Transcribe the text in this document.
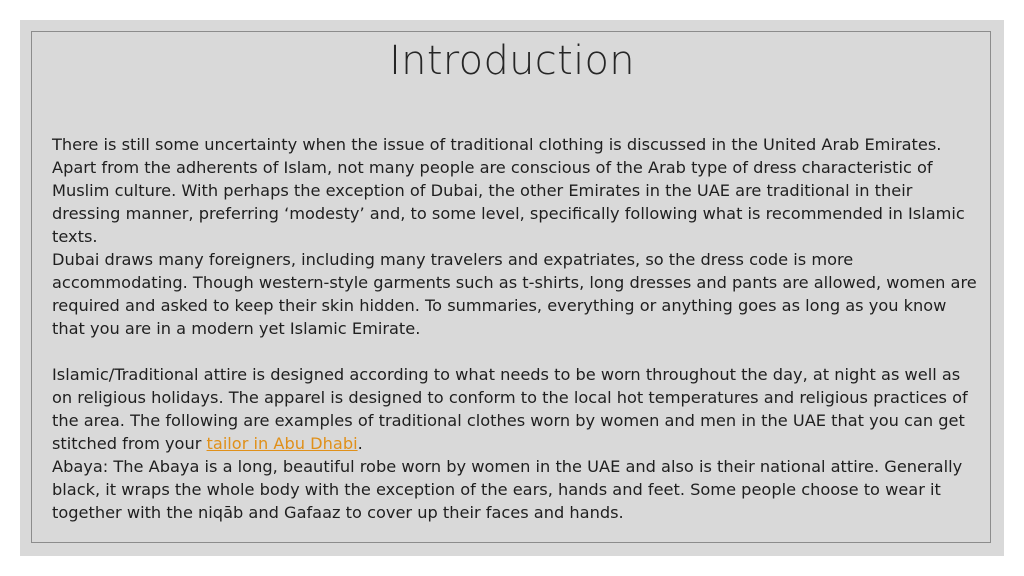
Introduction

There is still some uncertainty when the issue of traditional clothing is discussed in the United Arab Emirates. Apart from the adherents of Islam, not many people are conscious of the Arab type of dress characteristic of Muslim culture. With perhaps the exception of Dubai, the other Emirates in the UAE are traditional in their dressing manner, preferring ‘modesty’ and, to some level, specifically following what is recommended in Islamic texts.

Dubai draws many foreigners, including many travelers and expatriates, so the dress code is more accommodating. Though western-style garments such as t-shirts, long dresses and pants are allowed, women are required and asked to keep their skin hidden. To summaries, everything or anything goes as long as you know that you are in a modern yet Islamic Emirate.

Islamic/Traditional attire is designed according to what needs to be worn throughout the day, at night as well as on religious holidays. The apparel is designed to conform to the local hot temperatures and religious practices of the area. The following are examples of traditional clothes worn by women and men in the UAE that you can get stitched from your tailor in Abu Dhabi.

Abaya: The Abaya is a long, beautiful robe worn by women in the UAE and also is their national attire. Generally black, it wraps the whole body with the exception of the ears, hands and feet. Some people choose to wear it together with the niqāb and Gafaaz to cover up their faces and hands.
